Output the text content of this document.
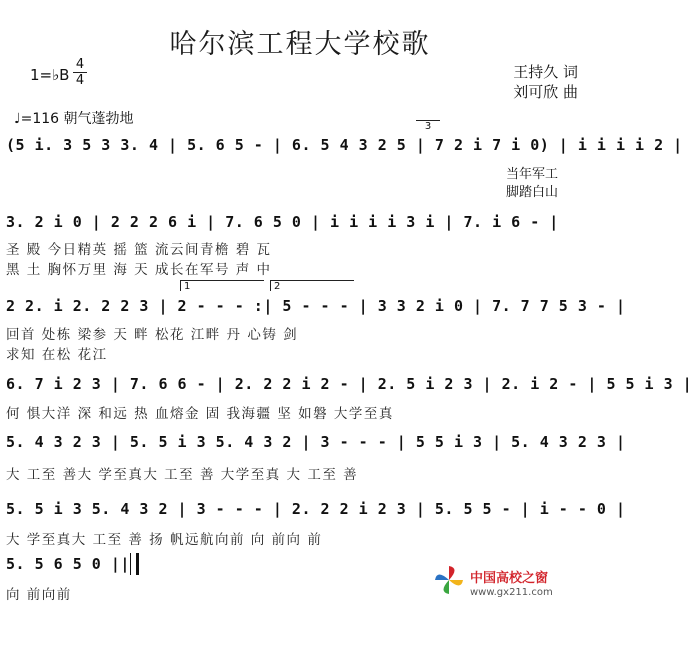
哈尔滨工程大学校歌
1=♭B
4
4
♩=116 朝气蓬勃地
王持久 词
刘可欣 曲
3
(5 i. 3 5 3 3. 4 | 5. 6 5 - | 6. 5 4 3 2 5 | 7 2 i 7 i 0) | i i i i 2 |
当年军工
脚踏白山
3. 2 i 0 | 2 2 2 6 i | 7. 6 5 0 | i i i i 3 i | 7. i 6 - |
圣 殿 今日精英 摇 篮 流云间青檐 碧 瓦
黑 土 胸怀万里 海 天 成长在军号 声 中
1	2
2 2. i 2. 2 2 3 | 2 - - - :| 5 - - - | 3 3 2 i 0 | 7. 7 7 5 3 - |
回首 处栋 梁参 天 畔 松花 江畔 丹 心铸 剑
求知 在松 花江
6. 7 i 2 3 | 7. 6 6 - | 2. 2 2 i 2 - | 2. 5 i 2 3 | 2. i 2 - | 5 5 i 3 |
何 惧大洋 深 和远 热 血熔金 固 我海疆 坚 如磐 大学至真
5. 4 3 2 3 | 5. 5 i 3 5. 4 3 2 | 3 - - - | 5 5 i 3 | 5. 4 3 2 3 |
大 工至 善大 学至真大 工至 善 大学至真 大 工至 善
5. 5 i 3 5. 4 3 2 | 3 - - - | 2. 2 2 i 2 3 | 5. 5 5 - | i - - 0 |
大 学至真大 工至 善 扬 帆远航向前 向 前向 前
5. 5 6 5 0 ||
向 前向前
中国高校之窗
www.gx211.com
